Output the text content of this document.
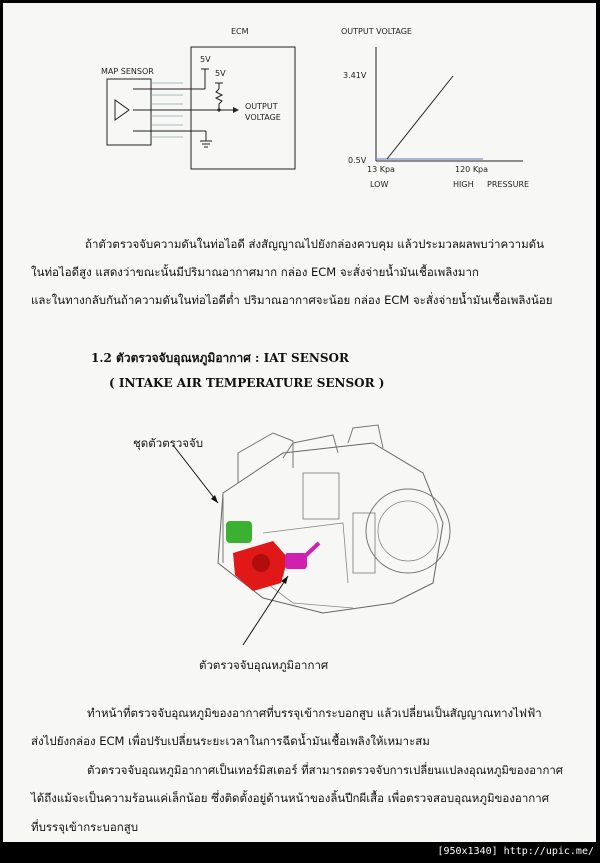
ECM
MAP SENSOR
5V
5V
OUTPUT
VOLTAGE
OUTPUT VOLTAGE
3.41V
0.5V
13 Kpa	120 Kpa
LOW	HIGH PRESSURE
ถ้าตัวตรวจจับความดันในท่อไอดี ส่งสัญญาณไปยังกล่องควบคุม แล้วประมวลผลพบว่าความดัน
ในท่อไอดีสูง แสดงว่าขณะนั้นมีปริมาณอากาศมาก กล่อง ECM จะสั่งจ่ายน้ำมันเชื้อเพลิงมาก
และในทางกลับกันถ้าความดันในท่อไอดีต่ำ ปริมาณอากาศจะน้อย กล่อง ECM จะสั่งจ่ายน้ำมันเชื้อเพลิงน้อย
1.2 ตัวตรวจจับอุณหภูมิอากาศ : IAT SENSOR
( INTAKE AIR TEMPERATURE SENSOR )
ชุดตัวตรวจจับ
ตัวตรวจจับอุณหภูมิอากาศ
ทำหน้าที่ตรวจจับอุณหภูมิของอากาศที่บรรจุเข้ากระบอกสูบ แล้วเปลี่ยนเป็นสัญญาณทางไฟฟ้า
ส่งไปยังกล่อง ECM เพื่อปรับเปลี่ยนระยะเวลาในการฉีดน้ำมันเชื้อเพลิงให้เหมาะสม
ตัวตรวจจับอุณหภูมิอากาศเป็นเทอร์มิสเตอร์ ที่สามารถตรวจจับการเปลี่ยนแปลงอุณหภูมิของอากาศ
ได้ถึงแม้จะเป็นความร้อนแค่เล็กน้อย ซึ่งติดตั้งอยู่ด้านหน้าของลิ้นปีกผีเสื้อ เพื่อตรวจสอบอุณหภูมิของอากาศ
ที่บรรจุเข้ากระบอกสูบ
[950x1340] http://upic.me/
